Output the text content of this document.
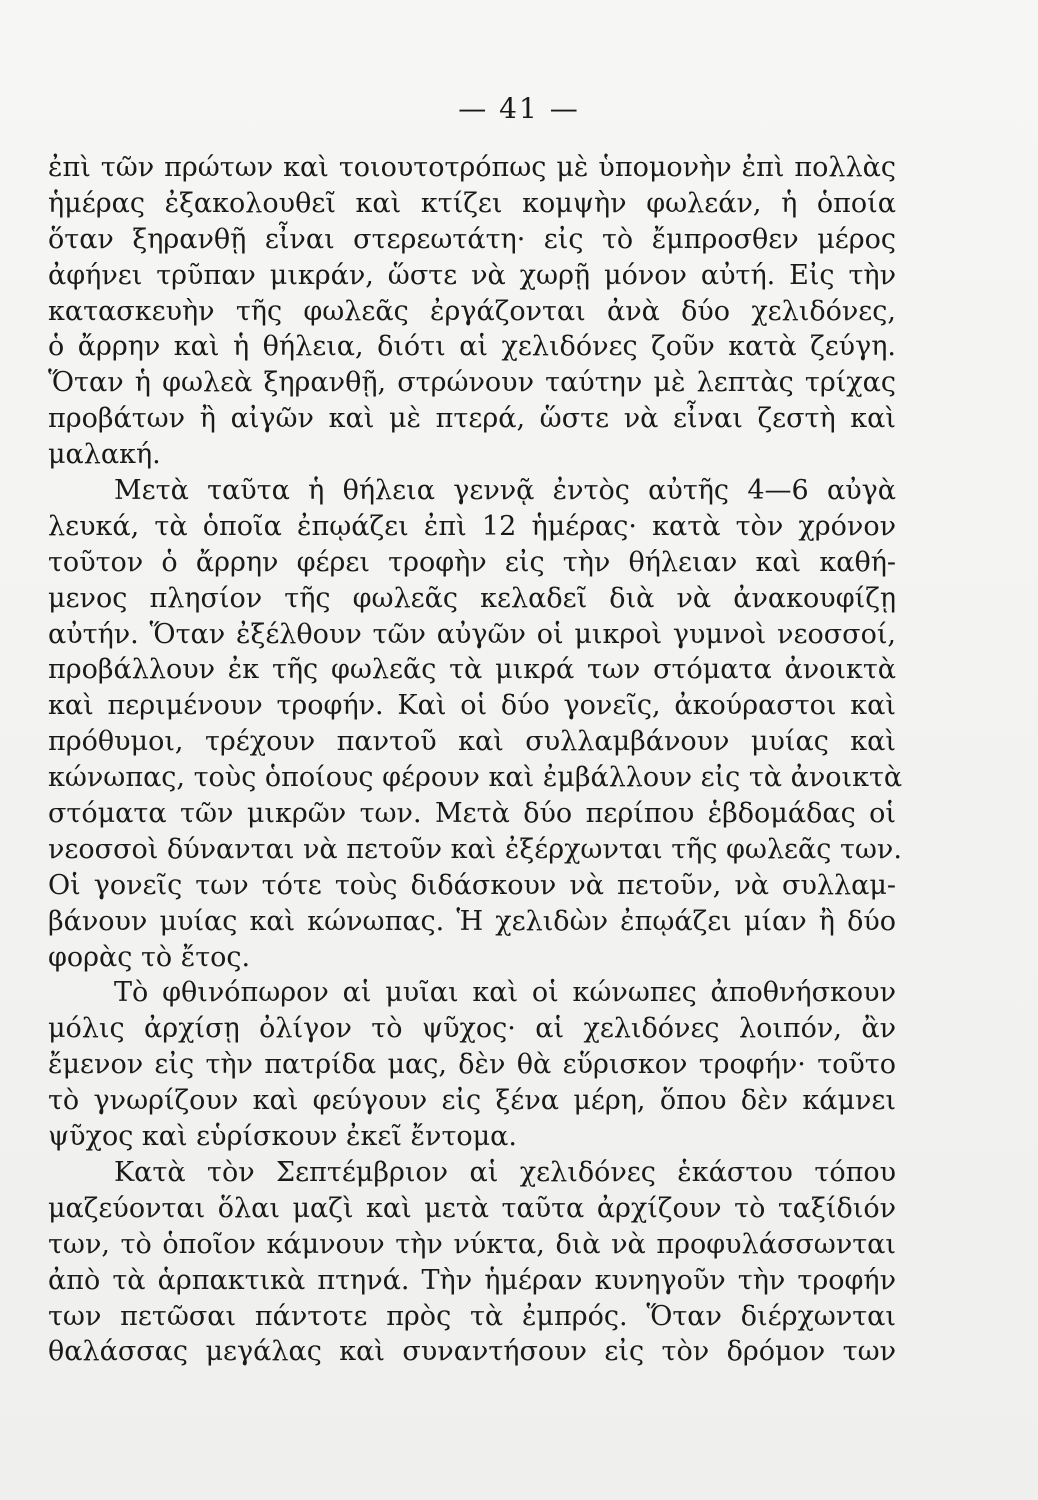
— 41 —
ἐπὶ τῶν πρώτων καὶ τοιουτοτρόπως μὲ ὑπομονὴν ἐπὶ πολλὰς
ἡμέρας ἐξακολουθεῖ καὶ κτίζει κομψὴν φωλεάν, ἡ ὁποία
ὅταν ξηρανθῇ εἶναι στερεωτάτη· εἰς τὸ ἔμπροσθεν μέρος
ἀφήνει τρῦπαν μικράν, ὥστε νὰ χωρῇ μόνον αὐτή. Εἰς τὴν
κατασκευὴν τῆς φωλεᾶς ἐργάζονται ἀνὰ δύο χελιδόνες,
ὁ ἄρρην καὶ ἡ θήλεια, διότι αἱ χελιδόνες ζοῦν κατὰ ζεύγη.
Ὅταν ἡ φωλεὰ ξηρανθῇ, στρώνουν ταύτην μὲ λεπτὰς τρίχας
προβάτων ἢ αἰγῶν καὶ μὲ πτερά, ὥστε νὰ εἶναι ζεστὴ καὶ
μαλακή.
Μετὰ ταῦτα ἡ θήλεια γεννᾷ ἐντὸς αὐτῆς 4—6 αὐγὰ
λευκά, τὰ ὁποῖα ἐπῳάζει ἐπὶ 12 ἡμέρας· κατὰ τὸν χρόνον
τοῦτον ὁ ἄρρην φέρει τροφὴν εἰς τὴν θήλειαν καὶ καθή-
μενος πλησίον τῆς φωλεᾶς κελαδεῖ διὰ νὰ ἀνακουφίζῃ
αὐτήν. Ὅταν ἐξέλθουν τῶν αὐγῶν οἱ μικροὶ γυμνοὶ νεοσσοί,
προβάλλουν ἐκ τῆς φωλεᾶς τὰ μικρά των στόματα ἀνοικτὰ
καὶ περιμένουν τροφήν. Καὶ οἱ δύο γονεῖς, ἀκούραστοι καὶ
πρόθυμοι, τρέχουν παντοῦ καὶ συλλαμβάνουν μυίας καὶ
κώνωπας, τοὺς ὁποίους φέρουν καὶ ἐμβάλλουν εἰς τὰ ἀνοικτὰ
στόματα τῶν μικρῶν των. Μετὰ δύο περίπου ἑβδομάδας οἱ
νεοσσοὶ δύνανται νὰ πετοῦν καὶ ἐξέρχωνται τῆς φωλεᾶς των.
Οἱ γονεῖς των τότε τοὺς διδάσκουν νὰ πετοῦν, νὰ συλλαμ-
βάνουν μυίας καὶ κώνωπας. Ἡ χελιδὼν ἐπῳάζει μίαν ἢ δύο
φορὰς τὸ ἔτος.
Τὸ φθινόπωρον αἱ μυῖαι καὶ οἱ κώνωπες ἀποθνήσκουν
μόλις ἀρχίσῃ ὀλίγον τὸ ψῦχος· αἱ χελιδόνες λοιπόν, ἂν
ἔμενον εἰς τὴν πατρίδα μας, δὲν θὰ εὕρισκον τροφήν· τοῦτο
τὸ γνωρίζουν καὶ φεύγουν εἰς ξένα μέρη, ὅπου δὲν κάμνει
ψῦχος καὶ εὑρίσκουν ἐκεῖ ἔντομα.
Κατὰ τὸν Σεπτέμβριον αἱ χελιδόνες ἑκάστου τόπου
μαζεύονται ὅλαι μαζὶ καὶ μετὰ ταῦτα ἀρχίζουν τὸ ταξίδιόν
των, τὸ ὁποῖον κάμνουν τὴν νύκτα, διὰ νὰ προφυλάσσωνται
ἀπὸ τὰ ἁρπακτικὰ πτηνά. Τὴν ἡμέραν κυνηγοῦν τὴν τροφήν
των πετῶσαι πάντοτε πρὸς τὰ ἐμπρός. Ὅταν διέρχωνται
θαλάσσας μεγάλας καὶ συναντήσουν εἰς τὸν δρόμον των
